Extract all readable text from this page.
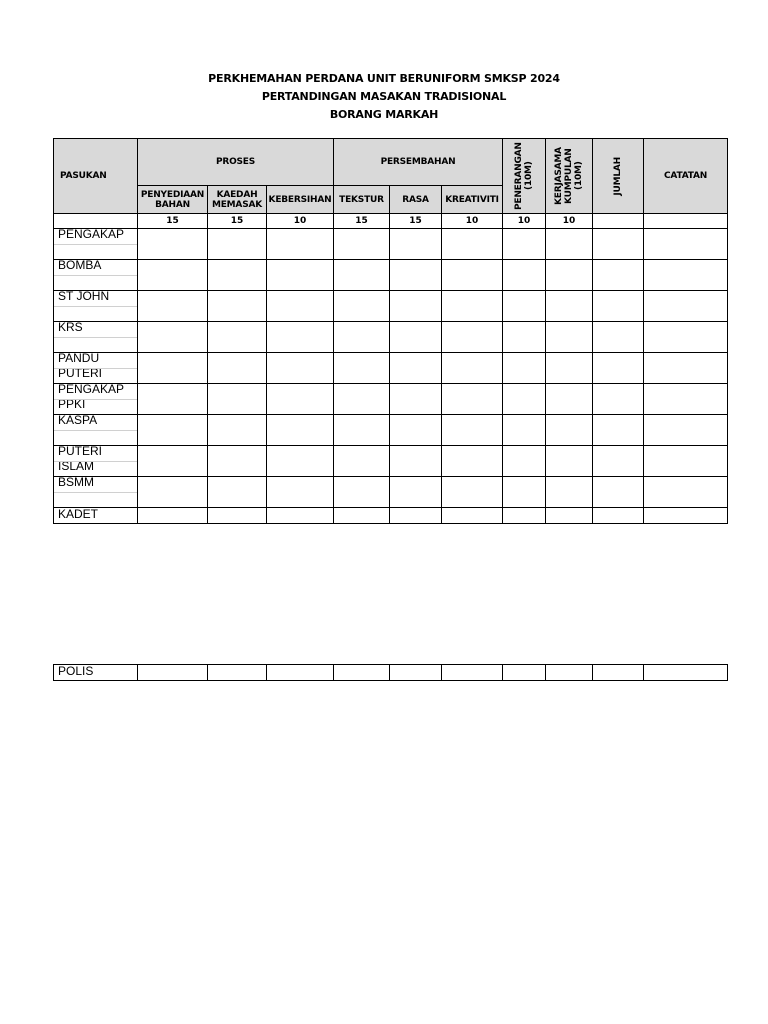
PERKHEMAHAN PERDANA UNIT BERUNIFORM SMKSP 2024
PERTANDINGAN MASAKAN TRADISIONAL
BORANG MARKAH
PASUKAN	PROSES			PERSEMBAHAN			PENERANGAN (10M)	KERJASAMA KUMPULAN (10M)	JUMLAH	CATATAN
	PENYEDIAAN BAHAN	KAEDAH MEMASAK	KEBERSIHAN	TEKSTUR	RASA	KREATIVITI				
	15	15	10	15	15	10	10	10		
PENGAKAP										
BOMBA										
ST JOHN										
KRS										
PANDU PUTERI										
PENGAKAP PPKI										
KASPA										
PUTERI ISLAM										
BSMM										
KADET										
POLIS										
